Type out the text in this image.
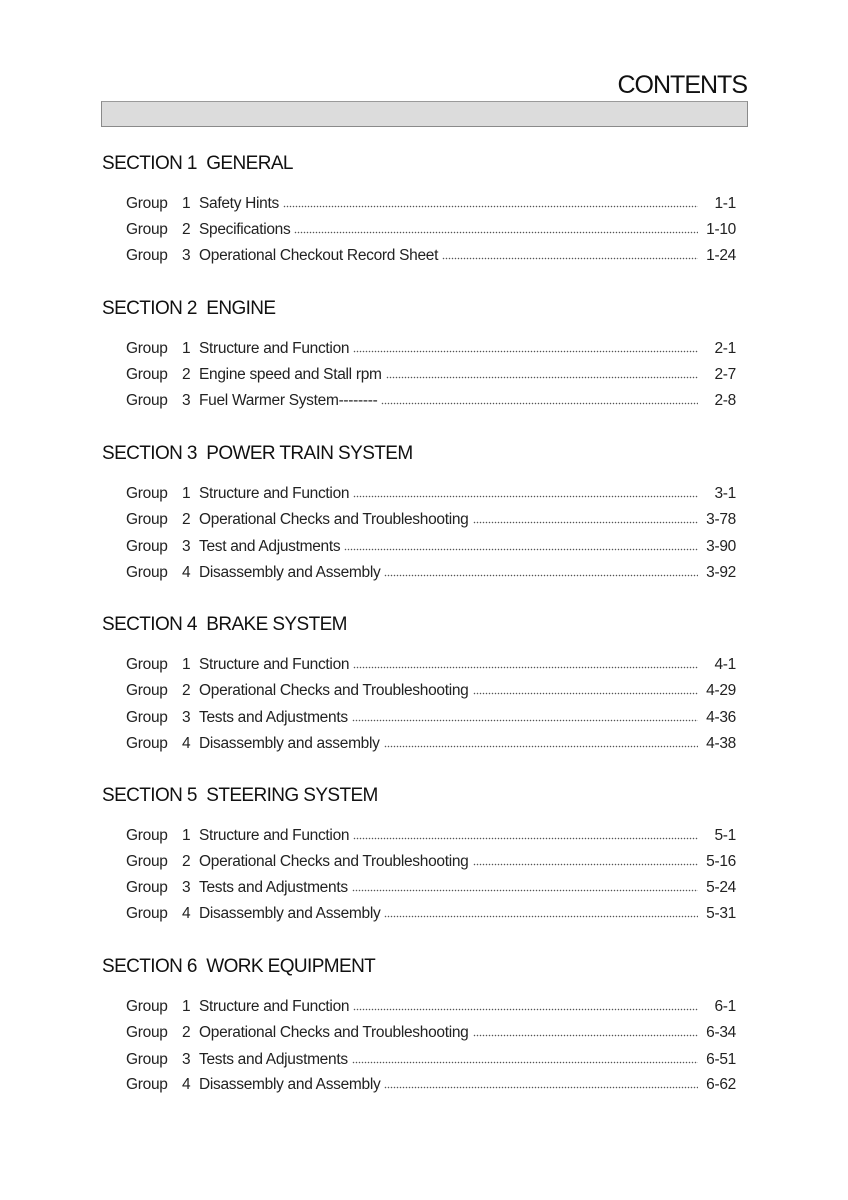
CONTENTS
SECTION 1  GENERAL
Group 1 Safety Hints	1-1
Group 2 Specifications	1-10
Group 3 Operational Checkout Record Sheet	1-24
SECTION 2  ENGINE
Group 1 Structure and Function	2-1
Group 2 Engine speed and Stall rpm	2-7
Group 3 Fuel Warmer System--------	2-8
SECTION 3  POWER TRAIN SYSTEM
Group 1 Structure and Function	3-1
Group 2 Operational Checks and Troubleshooting	3-78
Group 3 Test and Adjustments	3-90
Group 4 Disassembly and Assembly	3-92
SECTION 4  BRAKE SYSTEM
Group 1 Structure and Function	4-1
Group 2 Operational Checks and Troubleshooting	4-29
Group 3 Tests and Adjustments	4-36
Group 4 Disassembly and assembly	4-38
SECTION 5  STEERING SYSTEM
Group 1 Structure and Function	5-1
Group 2 Operational Checks and Troubleshooting	5-16
Group 3 Tests and Adjustments	5-24
Group 4 Disassembly and Assembly	5-31
SECTION 6  WORK EQUIPMENT
Group 1 Structure and Function	6-1
Group 2 Operational Checks and Troubleshooting	6-34
Group 3 Tests and Adjustments	6-51
Group 4 Disassembly and Assembly	6-62
